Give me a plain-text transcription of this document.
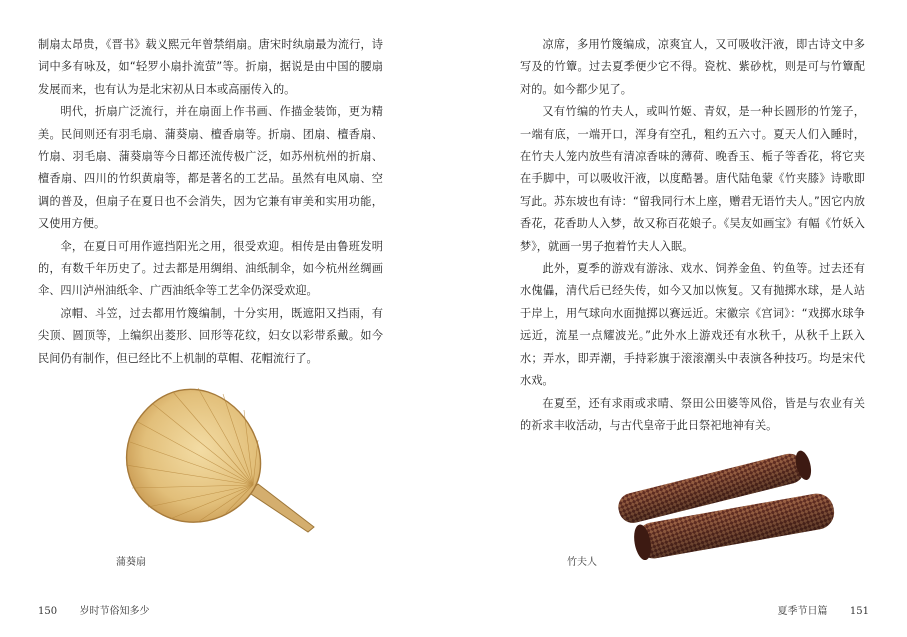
制扇太昂贵，《晋书》载义熙元年曾禁绢扇。唐宋时纨扇最为流行，诗词中多有咏及，如“轻罗小扇扑流萤”等。折扇，据说是由中国的腰扇发展而来，也有认为是北宋初从日本或高丽传入的。

明代，折扇广泛流行，并在扇面上作书画、作描金装饰，更为精美。民间则还有羽毛扇、蒲葵扇、檀香扇等。折扇、团扇、檀香扇、竹扇、羽毛扇、蒲葵扇等今日都还流传极广泛，如苏州杭州的折扇、檀香扇、四川的竹织黄扇等，都是著名的工艺品。虽然有电风扇、空调的普及，但扇子在夏日也不会消失，因为它兼有审美和实用功能，又使用方便。

伞，在夏日可用作遮挡阳光之用，很受欢迎。相传是由鲁班发明的，有数千年历史了。过去都是用绸绢、油纸制伞，如今杭州丝绸画伞、四川泸州油纸伞、广西油纸伞等工艺伞仍深受欢迎。

凉帽、斗笠，过去都用竹篾编制，十分实用，既遮阳又挡雨，有尖顶、圆顶等，上编织出菱形、回形等花纹，妇女以彩带系戴。如今民间仍有制作，但已经比不上机制的草帽、花帽流行了。

蒲葵扇
150 岁时节俗知多少

凉席，多用竹篾编成，凉爽宜人，又可吸收汗液，即古诗文中多写及的竹簟。过去夏季便少它不得。瓷枕、紫砂枕，则是可与竹簟配对的。如今都少见了。

又有竹编的竹夫人，或叫竹姬、青奴，是一种长圆形的竹笼子，一端有底，一端开口，浑身有空孔，粗约五六寸。夏天人们入睡时，在竹夫人笼内放些有清凉香味的薄荷、晚香玉、栀子等香花，将它夹在手脚中，可以吸收汗液，以度酷暑。唐代陆龟蒙《竹夹膝》诗歌即写此。苏东坡也有诗：“留我同行木上座，赠君无语竹夫人。”因它内放香花，花香助人入梦，故又称百花娘子。《吴友如画宝》有幅《竹妖入梦》，就画一男子抱着竹夫人入眠。

此外，夏季的游戏有游泳、戏水、饲养金鱼、钓鱼等。过去还有水傀儡，清代后已经失传，如今又加以恢复。又有抛掷水球，是人站于岸上，用气球向水面抛掷以赛远近。宋徽宗《宫词》：“戏掷水球争远近，流星一点耀波光。”此外水上游戏还有水秋千，从秋千上跃入水；弄水，即弄潮，手持彩旗于滚滚潮头中表演各种技巧。均是宋代水戏。

在夏至，还有求雨或求晴、祭田公田婆等风俗，皆是与农业有关的祈求丰收活动，与古代皇帝于此日祭祀地神有关。

竹夫人
夏季节日篇 151
